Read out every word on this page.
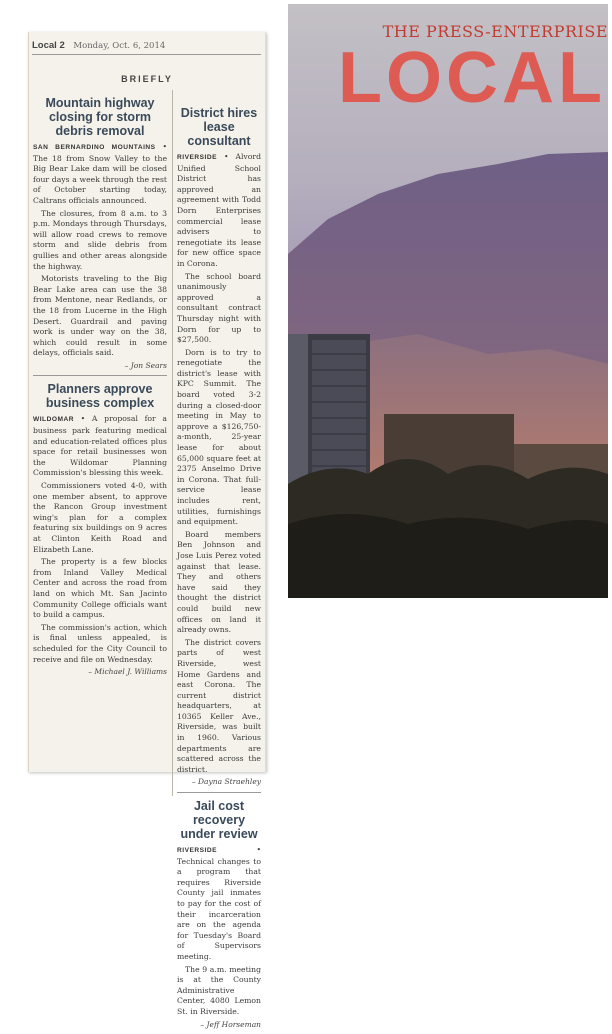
Local 2 Monday, Oct. 6, 2014
BRIEFLY
Mountain highway closing for storm debris removal

SAN BERNARDINO MOUNTAINS • The 18 from Snow Valley to the Big Bear Lake dam will be closed four days a week through the rest of October starting today, Caltrans officials announced.

The closures, from 8 a.m. to 3 p.m. Mondays through Thursdays, will allow road crews to remove storm and slide debris from gullies and other areas alongside the highway.

Motorists traveling to the Big Bear Lake area can use the 38 from Mentone, near Redlands, or the 18 from Lucerne in the High Desert. Guardrail and paving work is under way on the 38, which could result in some delays, officials said.

– Jon Sears
Planners approve business complex

WILDOMAR • A proposal for a business park featuring medical and education-related offices plus space for retail businesses won the Wildomar Planning Commission's blessing this week.

Commissioners voted 4-0, with one member absent, to approve the Rancon Group investment wing's plan for a complex featuring six buildings on 9 acres at Clinton Keith Road and Elizabeth Lane.

The property is a few blocks from Inland Valley Medical Center and across the road from land on which Mt. San Jacinto Community College officials want to build a campus.

The commission's action, which is final unless appealed, is scheduled for the City Council to receive and file on Wednesday.

– Michael J. Williams
District hires lease consultant

RIVERSIDE • Alvord Unified School District has approved an agreement with Todd Dorn Enterprises commercial lease advisers to renegotiate its lease for new office space in Corona.

The school board unanimously approved a consultant contract Thursday night with Dorn for up to $27,500.

Dorn is to try to renegotiate the district's lease with KPC Summit. The board voted 3-2 during a closed-door meeting in May to approve a $126,750-a-month, 25-year lease for about 65,000 square feet at 2375 Anselmo Drive in Corona. That full-service lease includes rent, utilities, furnishings and equipment.

Board members Ben Johnson and Jose Luis Perez voted against that lease. They and others have said they thought the district could build new offices on land it already owns.

The district covers parts of west Riverside, west Home Gardens and east Corona. The current district headquarters, at 10365 Keller Ave., Riverside, was built in 1960. Various departments are scattered across the district.

– Dayna Straehley
Jail cost recovery under review

RIVERSIDE • Technical changes to a program that requires Riverside County jail inmates to pay for the cost of their incarceration are on the agenda for Tuesday's Board of Supervisors meeting.

The 9 a.m. meeting is at the County Administrative Center, 4080 Lemon St. in Riverside.

– Jeff Horseman
THE PRESS-ENTERPRISE
LOCAL
